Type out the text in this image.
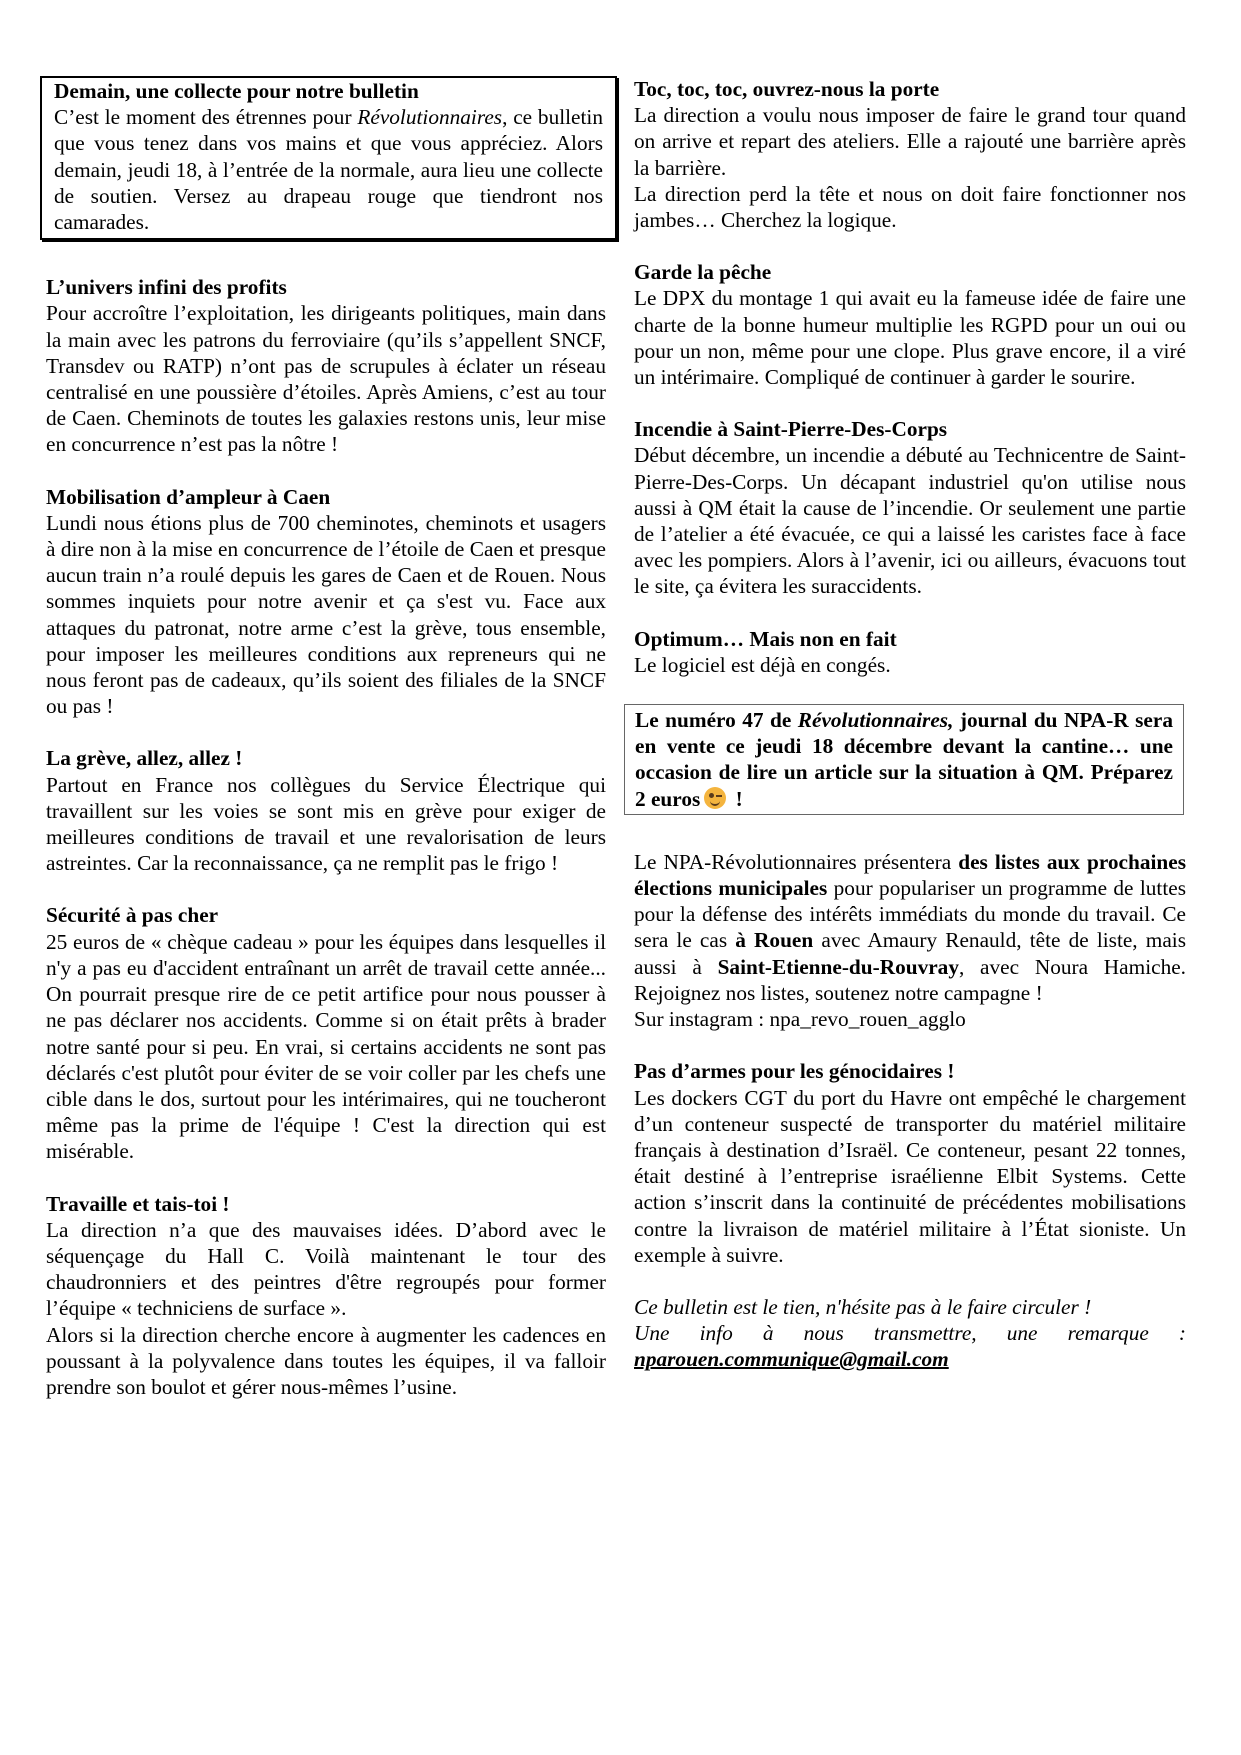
Demain, une collecte pour notre bulletin

C’est le moment des étrennes pour Révolutionnaires, ce bulletin que vous tenez dans vos mains et que vous appréciez. Alors demain, jeudi 18, à l’entrée de la normale, aura lieu une collecte de soutien. Versez au drapeau rouge que tiendront nos camarades.

L’univers infini des profits

Pour accroître l’exploitation, les dirigeants politiques, main dans la main avec les patrons du ferroviaire (qu’ils s’appellent SNCF, Transdev ou RATP) n’ont pas de scrupules à éclater un réseau centralisé en une poussière d’étoiles. Après Amiens, c’est au tour de Caen. Cheminots de toutes les galaxies restons unis, leur mise en concurrence n’est pas la nôtre !

Mobilisation d’ampleur à Caen

Lundi nous étions plus de 700 cheminotes, cheminots et usagers à dire non à la mise en concurrence de l’étoile de Caen et presque aucun train n’a roulé depuis les gares de Caen et de Rouen. Nous sommes inquiets pour notre avenir et ça s'est vu. Face aux attaques du patronat, notre arme c’est la grève, tous ensemble, pour imposer les meilleures conditions aux repreneurs qui ne nous feront pas de cadeaux, qu’ils soient des filiales de la SNCF ou pas !

La grève, allez, allez !

Partout en France nos collègues du Service Électrique qui travaillent sur les voies se sont mis en grève pour exiger de meilleures conditions de travail et une revalorisation de leurs astreintes. Car la reconnaissance, ça ne remplit pas le frigo !

Sécurité à pas cher

25 euros de « chèque cadeau » pour les équipes dans lesquelles il n'y a pas eu d'accident entraînant un arrêt de travail cette année... On pourrait presque rire de ce petit artifice pour nous pousser à ne pas déclarer nos accidents. Comme si on était prêts à brader notre santé pour si peu. En vrai, si certains accidents ne sont pas déclarés c'est plutôt pour éviter de se voir coller par les chefs une cible dans le dos, surtout pour les intérimaires, qui ne toucheront même pas la prime de l'équipe ! C'est la direction qui est misérable.

Travaille et tais-toi !

La direction n’a que des mauvaises idées. D’abord avec le séquençage du Hall C. Voilà maintenant le tour des chaudronniers et des peintres d'être regroupés pour former l’équipe « techniciens de surface ».

Alors si la direction cherche encore à augmenter les cadences en poussant à la polyvalence dans toutes les équipes, il va falloir prendre son boulot et gérer nous-mêmes l’usine.

Toc, toc, toc, ouvrez-nous la porte

La direction a voulu nous imposer de faire le grand tour quand on arrive et repart des ateliers. Elle a rajouté une barrière après la barrière.

La direction perd la tête et nous on doit faire fonctionner nos jambes… Cherchez la logique.

Garde la pêche

Le DPX du montage 1 qui avait eu la fameuse idée de faire une charte de la bonne humeur multiplie les RGPD pour un oui ou pour un non, même pour une clope. Plus grave encore, il a viré un intérimaire. Compliqué de continuer à garder le sourire.

Incendie à Saint-Pierre-Des-Corps

Début décembre, un incendie a débuté au Technicentre de Saint-Pierre-Des-Corps. Un décapant industriel qu'on utilise nous aussi à QM était la cause de l’incendie. Or seulement une partie de l’atelier a été évacuée, ce qui a laissé les caristes face à face avec les pompiers. Alors à l’avenir, ici ou ailleurs, évacuons tout le site, ça évitera les suraccidents.

Optimum… Mais non en fait

Le logiciel est déjà en congés.

Le numéro 47 de Révolutionnaires, journal du NPA-R sera en vente ce jeudi 18 décembre devant la cantine… une occasion de lire un article sur la situation à QM. Préparez 2 euros
!

Le NPA-Révolutionnaires présentera des listes aux prochaines élections municipales pour populariser un programme de luttes pour la défense des intérêts immédiats du monde du travail. Ce sera le cas à Rouen avec Amaury Renauld, tête de liste, mais aussi à Saint-Etienne-du-Rouvray, avec Noura Hamiche. Rejoignez nos listes, soutenez notre campagne !

Sur instagram : npa_revo_rouen_agglo

Pas d’armes pour les génocidaires !

Les dockers CGT du port du Havre ont empêché le chargement d’un conteneur suspecté de transporter du matériel militaire français à destination d’Israël. Ce conteneur, pesant 22 tonnes, était destiné à l’entreprise israélienne Elbit Systems. Cette action s’inscrit dans la continuité de précédentes mobilisations contre la livraison de matériel militaire à l’État sioniste. Un exemple à suivre.

Ce bulletin est le tien, n'hésite pas à le faire circuler !

Une info à nous transmettre, une remarque :

nparouen.communique@gmail.com
